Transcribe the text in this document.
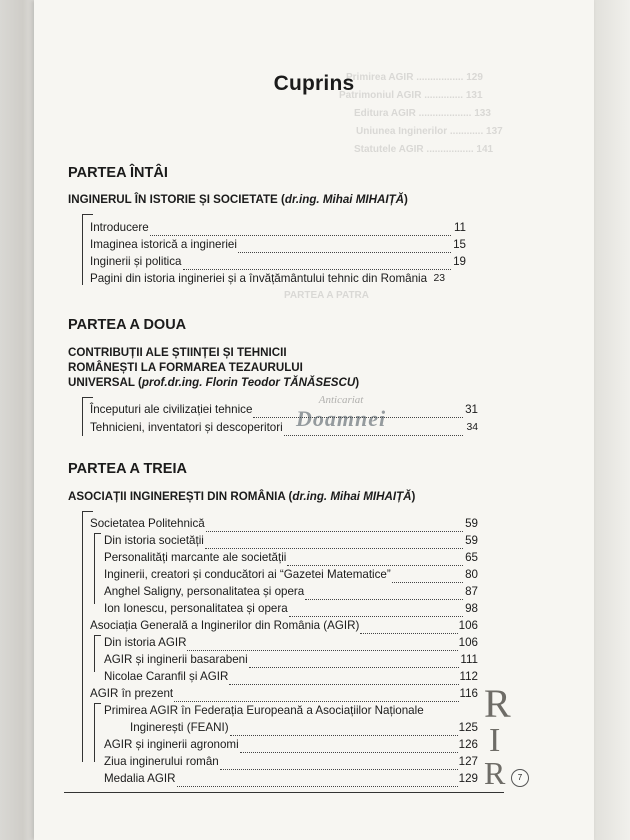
Primirea AGIR ................. 129
Patrimoniul AGIR .............. 131
Editura AGIR ................... 133
Uniunea Inginerilor ............ 137
Statutele AGIR ................. 141
PARTEA A PATRA
Cuprins
PARTEA ÎNTÂI
INGINERUL ÎN ISTORIE ȘI SOCIETATE (dr.ing. Mihai MIHAIȚĂ)
Introducere	11
Imaginea istorică a ingineriei	15
Inginerii și politica	19
Pagini din istoria ingineriei și a învățământului tehnic din România 23
PARTEA A DOUA
CONTRIBUȚII ALE ȘTIINȚEI ȘI TEHNICII
ROMÂNEȘTI LA FORMAREA TEZAURULUI
UNIVERSAL (prof.dr.ing. Florin Teodor TĂNĂSESCU)
Începuturi ale civilizației tehnice	31
Tehnicieni, inventatori și descoperitori	34
Anticariat
Doamnei
PARTEA A TREIA
ASOCIAȚII INGINEREȘTI DIN ROMÂNIA (dr.ing. Mihai MIHAIȚĂ)
Societatea Politehnică	59
Din istoria societății	59
Personalități marcante ale societății	65
Inginerii, creatori și conducători ai “Gazetei Matematice”	80
Anghel Saligny, personalitatea și opera	87
Ion Ionescu, personalitatea și opera	98
Asociația Generală a Inginerilor din România (AGIR)	106
Din istoria AGIR	106
AGIR și inginerii basarabeni	111
Nicolae Caranfil și AGIR	112
AGIR în prezent	116
Primirea AGIR în Federația Europeană a Asociațiilor Naționale
Inginerești (FEANI)	125
AGIR și inginerii agronomi	126
Ziua inginerului român	127
Medalia AGIR	129
R
I
R	7
